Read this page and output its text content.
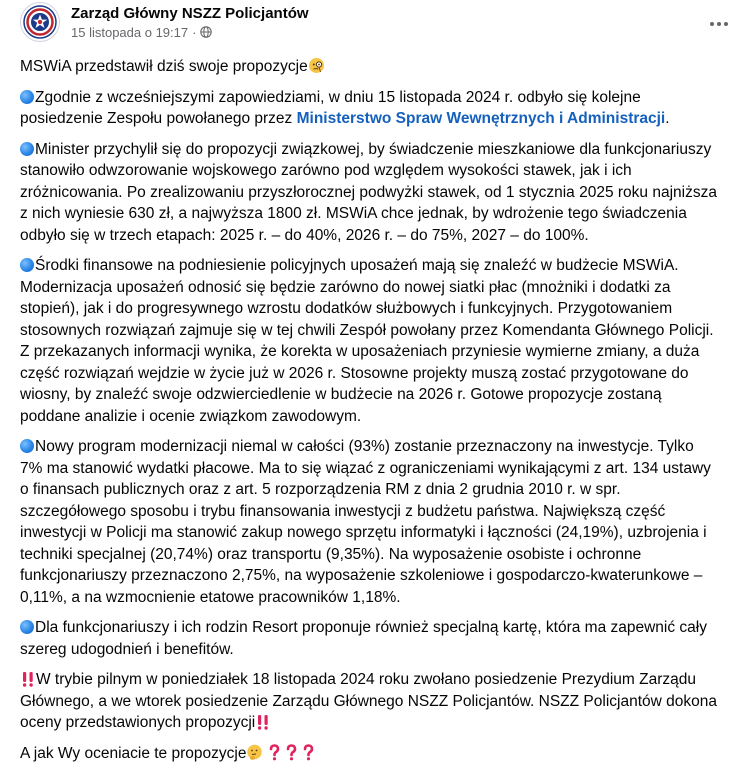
Zarząd Główny NSZZ Policjantów
15 listopada o 19:17 ·

MSWiA przedstawił dziś swoje propozycje

Zgodnie z wcześniejszymi zapowiedziami, w dniu 15 listopada 2024 r. odbyło się kolejne posiedzenie Zespołu powołanego przez Ministerstwo Spraw Wewnętrznych i Administracji.

Minister przychylił się do propozycji związkowej, by świadczenie mieszkaniowe dla funkcjonariuszy stanowiło odwzorowanie wojskowego zarówno pod względem wysokości stawek, jak i ich zróżnicowania. Po zrealizowaniu przyszłorocznej podwyżki stawek, od 1 stycznia 2025 roku najniższa z nich wyniesie 630 zł, a najwyższa 1800 zł. MSWiA chce jednak, by wdrożenie tego świadczenia odbyło się w trzech etapach: 2025 r. – do 40%, 2026 r. – do 75%, 2027 – do 100%.

Środki finansowe na podniesienie policyjnych uposażeń mają się znaleźć w budżecie MSWiA. Modernizacja uposażeń odnosić się będzie zarówno do nowej siatki płac (mnożniki i dodatki za stopień), jak i do progresywnego wzrostu dodatków służbowych i funkcyjnych. Przygotowaniem stosownych rozwiązań zajmuje się w tej chwili Zespół powołany przez Komendanta Głównego Policji. Z przekazanych informacji wynika, że korekta w uposażeniach przyniesie wymierne zmiany, a duża część rozwiązań wejdzie w życie już w 2026 r. Stosowne projekty muszą zostać przygotowane do wiosny, by znaleźć swoje odzwierciedlenie w budżecie na 2026 r. Gotowe propozycje zostaną poddane analizie i ocenie związkom zawodowym.

Nowy program modernizacji niemal w całości (93%) zostanie przeznaczony na inwestycje. Tylko 7% ma stanowić wydatki płacowe. Ma to się wiązać z ograniczeniami wynikającymi z art. 134 ustawy o finansach publicznych oraz z art. 5 rozporządzenia RM z dnia 2 grudnia 2010 r. w spr. szczegółowego sposobu i trybu finansowania inwestycji z budżetu państwa. Największą część inwestycji w Policji ma stanowić zakup nowego sprzętu informatyki i łączności (24,19%), uzbrojenia i techniki specjalnej (20,74%) oraz transportu (9,35%). Na wyposażenie osobiste i ochronne funkcjonariuszy przeznaczono 2,75%, na wyposażenie szkoleniowe i gospodarczo-kwaterunkowe – 0,11%, a na wzmocnienie etatowe pracowników 1,18%.

Dla funkcjonariuszy i ich rodzin Resort proponuje również specjalną kartę, która ma zapewnić cały szereg udogodnień i benefitów.

W trybie pilnym w poniedziałek 18 listopada 2024 roku zwołano posiedzenie Prezydium Zarządu Głównego, a we wtorek posiedzenie Zarządu Głównego NSZZ Policjantów. NSZZ Policjantów dokona oceny przedstawionych propozycji

A jak Wy oceniacie te propozycje
